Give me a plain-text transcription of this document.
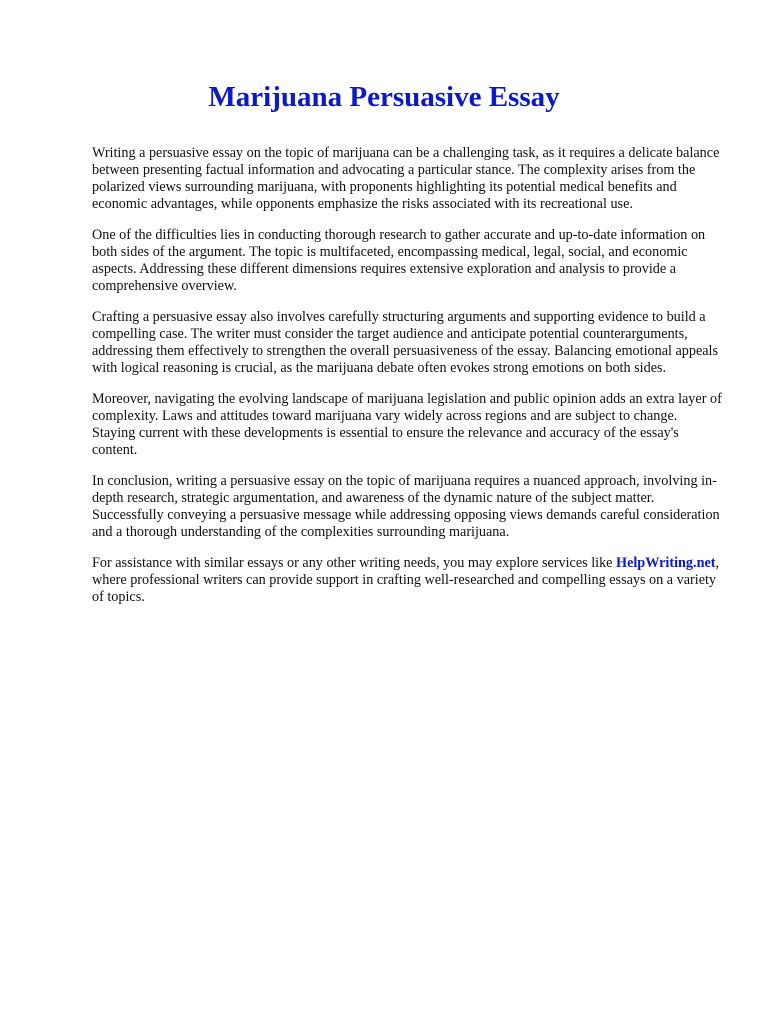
Marijuana Persuasive Essay

Writing a persuasive essay on the topic of marijuana can be a challenging task, as it requires a delicate balance between presenting factual information and advocating a particular stance. The complexity arises from the polarized views surrounding marijuana, with proponents highlighting its potential medical benefits and economic advantages, while opponents emphasize the risks associated with its recreational use.

One of the difficulties lies in conducting thorough research to gather accurate and up-to-date information on both sides of the argument. The topic is multifaceted, encompassing medical, legal, social, and economic aspects. Addressing these different dimensions requires extensive exploration and analysis to provide a comprehensive overview.

Crafting a persuasive essay also involves carefully structuring arguments and supporting evidence to build a compelling case. The writer must consider the target audience and anticipate potential counterarguments, addressing them effectively to strengthen the overall persuasiveness of the essay. Balancing emotional appeals with logical reasoning is crucial, as the marijuana debate often evokes strong emotions on both sides.

Moreover, navigating the evolving landscape of marijuana legislation and public opinion adds an extra layer of complexity. Laws and attitudes toward marijuana vary widely across regions and are subject to change. Staying current with these developments is essential to ensure the relevance and accuracy of the essay's content.

In conclusion, writing a persuasive essay on the topic of marijuana requires a nuanced approach, involving in-depth research, strategic argumentation, and awareness of the dynamic nature of the subject matter. Successfully conveying a persuasive message while addressing opposing views demands careful consideration and a thorough understanding of the complexities surrounding marijuana.

For assistance with similar essays or any other writing needs, you may explore services like HelpWriting.net, where professional writers can provide support in crafting well-researched and compelling essays on a variety of topics.
